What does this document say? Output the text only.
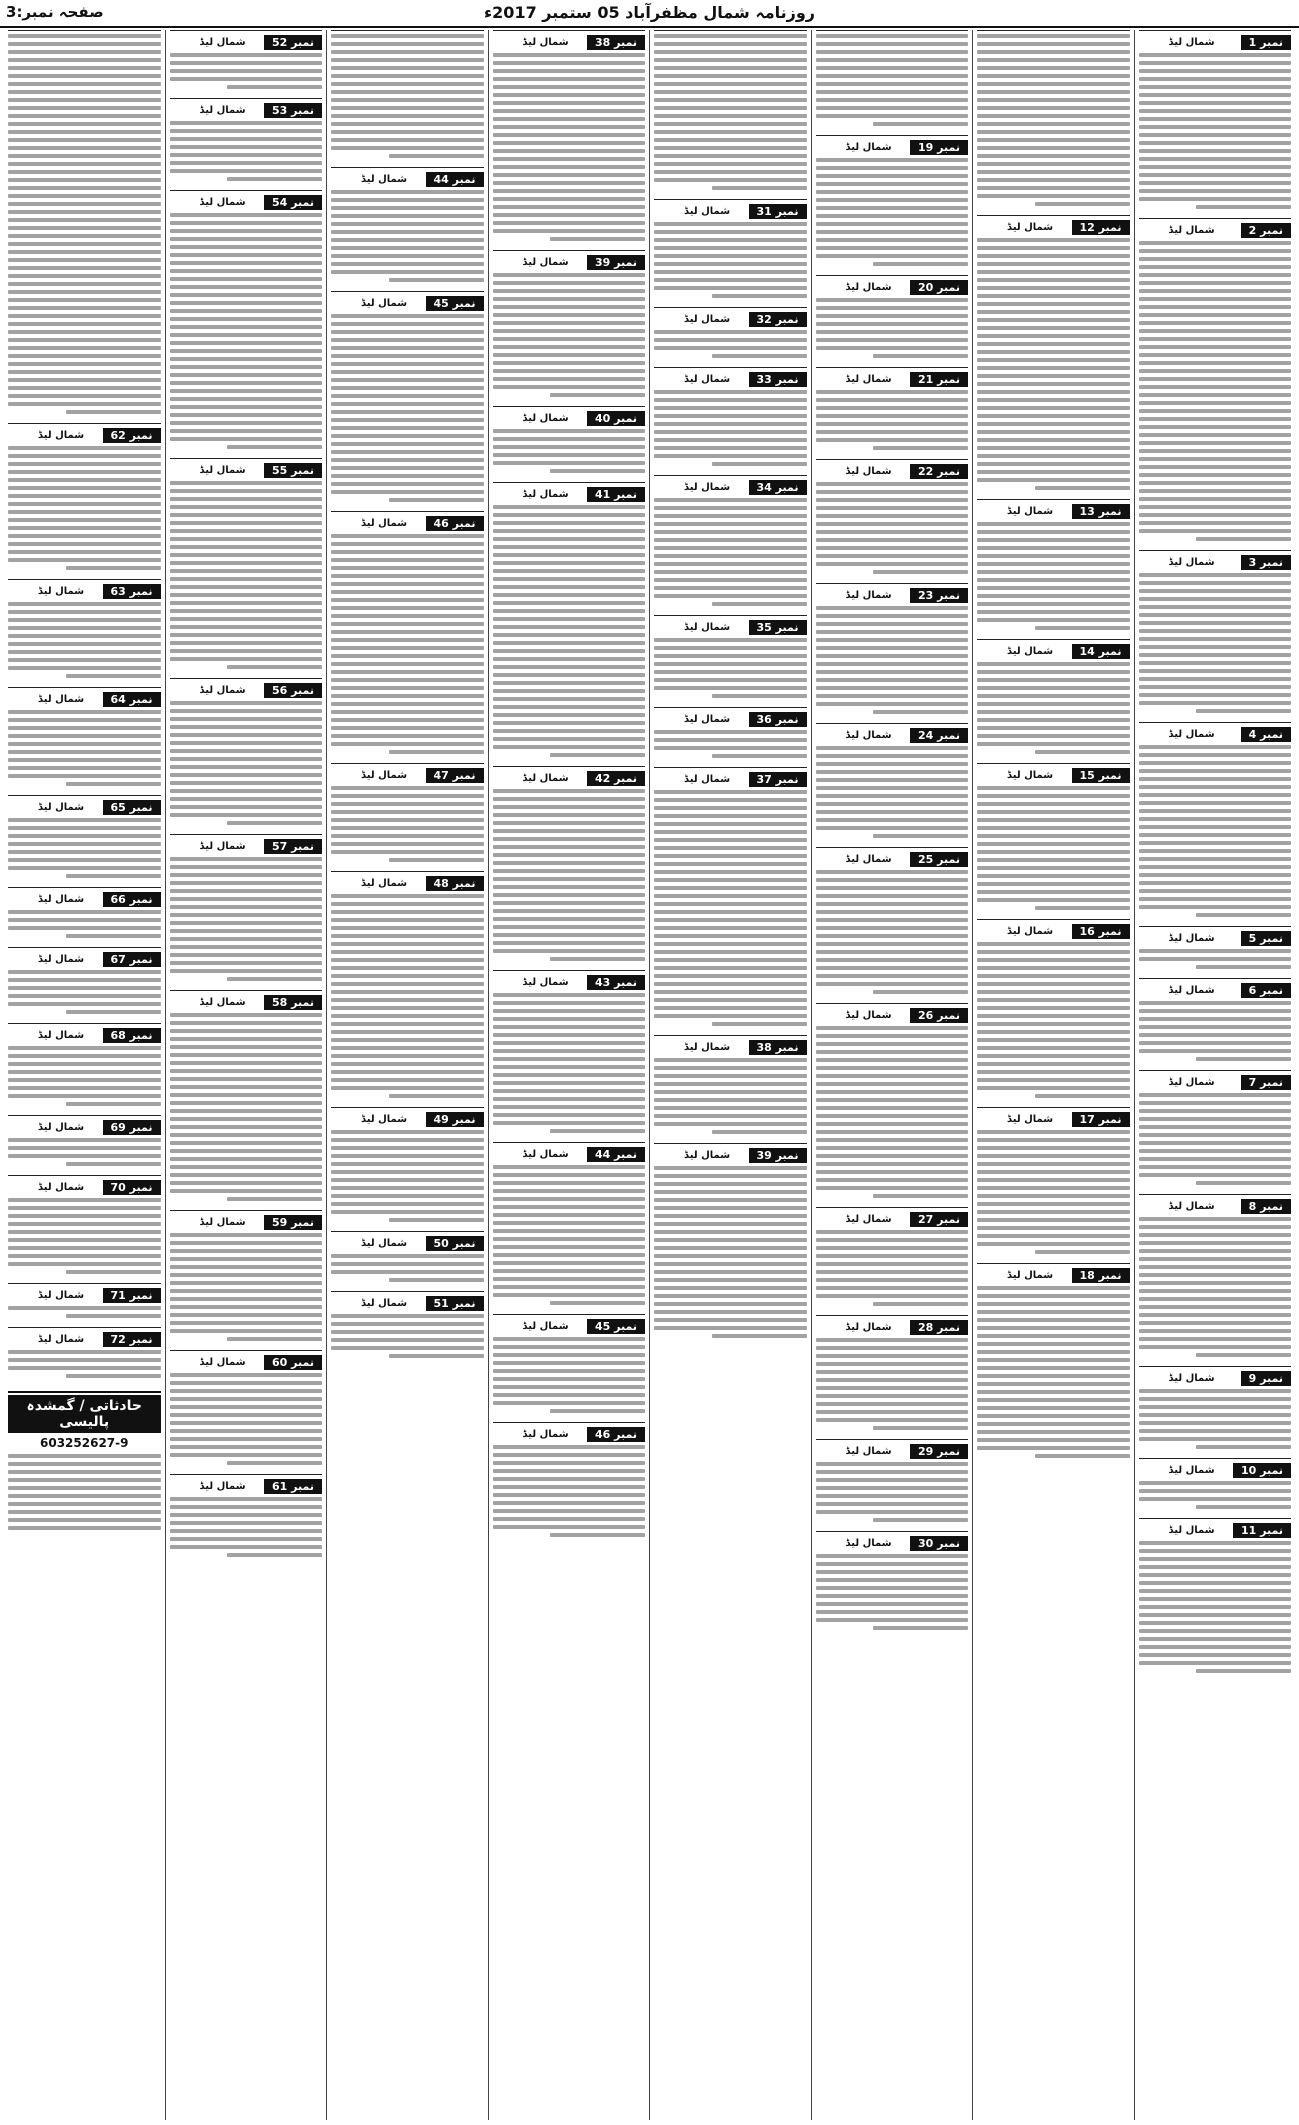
صفحہ نمبر:3	روزنامہ شمال مظفرآباد 05 ستمبر 2017ء
نمبر 1
شمال لیڈ
نمبر 2
شمال لیڈ
نمبر 3
شمال لیڈ
نمبر 4
شمال لیڈ
نمبر 5
شمال لیڈ
نمبر 6
شمال لیڈ
نمبر 7
شمال لیڈ
نمبر 8
شمال لیڈ
نمبر 9
شمال لیڈ
نمبر 10
شمال لیڈ
نمبر 11
شمال لیڈ
نمبر 12
شمال لیڈ
نمبر 13
شمال لیڈ
نمبر 14
شمال لیڈ
نمبر 15
شمال لیڈ
نمبر 16
شمال لیڈ
نمبر 17
شمال لیڈ
نمبر 18
شمال لیڈ
نمبر 19
شمال لیڈ
نمبر 20
شمال لیڈ
نمبر 21
شمال لیڈ
نمبر 22
شمال لیڈ
نمبر 23
شمال لیڈ
نمبر 24
شمال لیڈ
نمبر 25
شمال لیڈ
نمبر 26
شمال لیڈ
نمبر 27
شمال لیڈ
نمبر 28
شمال لیڈ
نمبر 29
شمال لیڈ
نمبر 30
شمال لیڈ
نمبر 31
شمال لیڈ
نمبر 32
شمال لیڈ
نمبر 33
شمال لیڈ
نمبر 34
شمال لیڈ
نمبر 35
شمال لیڈ
نمبر 36
شمال لیڈ
نمبر 37
شمال لیڈ
نمبر 38
شمال لیڈ
نمبر 39
شمال لیڈ
نمبر 38
شمال لیڈ
نمبر 39
شمال لیڈ
نمبر 40
شمال لیڈ
نمبر 41
شمال لیڈ
نمبر 42
شمال لیڈ
نمبر 43
شمال لیڈ
نمبر 44
شمال لیڈ
نمبر 45
شمال لیڈ
نمبر 46
شمال لیڈ
نمبر 44
شمال لیڈ
نمبر 45
شمال لیڈ
نمبر 46
شمال لیڈ
نمبر 47
شمال لیڈ
نمبر 48
شمال لیڈ
نمبر 49
شمال لیڈ
نمبر 50
شمال لیڈ
نمبر 51
شمال لیڈ
نمبر 52
شمال لیڈ
نمبر 53
شمال لیڈ
نمبر 54
شمال لیڈ
نمبر 55
شمال لیڈ
نمبر 56
شمال لیڈ
نمبر 57
شمال لیڈ
نمبر 58
شمال لیڈ
نمبر 59
شمال لیڈ
نمبر 60
شمال لیڈ
نمبر 61
شمال لیڈ
نمبر 62
شمال لیڈ
نمبر 63
شمال لیڈ
نمبر 64
شمال لیڈ
نمبر 65
شمال لیڈ
نمبر 66
شمال لیڈ
نمبر 67
شمال لیڈ
نمبر 68
شمال لیڈ
نمبر 69
شمال لیڈ
نمبر 70
شمال لیڈ
نمبر 71
شمال لیڈ
نمبر 72
شمال لیڈ
حادثاتی / گمشدہ پالیسی
603252627-9
